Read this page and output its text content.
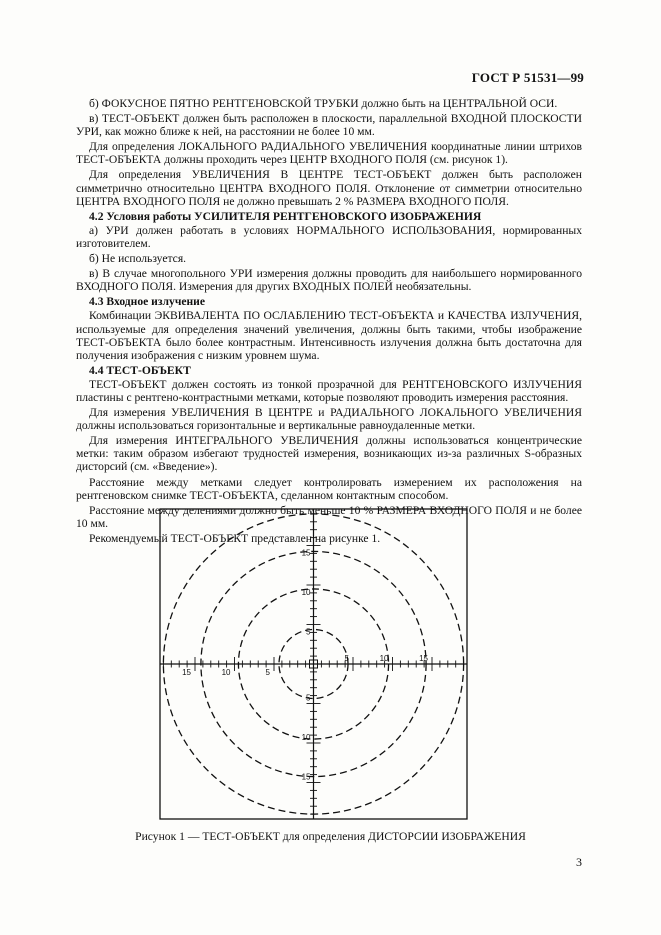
ГОСТ Р 51531—99
б) ФОКУСНОЕ ПЯТНО РЕНТГЕНОВСКОЙ ТРУБКИ должно быть на ЦЕНТРАЛЬНОЙ ОСИ.
в) ТЕСТ-ОБЪЕКТ должен быть расположен в плоскости, параллельной ВХОДНОЙ ПЛОСКОСТИ УРИ, как можно ближе к ней, на расстоянии не более 10 мм.
Для определения ЛОКАЛЬНОГО РАДИАЛЬНОГО УВЕЛИЧЕНИЯ координатные линии штрихов ТЕСТ-ОБЪЕКТА должны проходить через ЦЕНТР ВХОДНОГО ПОЛЯ (см. рисунок 1).
Для определения УВЕЛИЧЕНИЯ В ЦЕНТРЕ ТЕСТ-ОБЪЕКТ должен быть расположен симметрично относительно ЦЕНТРА ВХОДНОГО ПОЛЯ. Отклонение от симметрии относительно ЦЕНТРА ВХОДНОГО ПОЛЯ не должно превышать 2 % РАЗМЕРА ВХОДНОГО ПОЛЯ.
4.2 Условия работы УСИЛИТЕЛЯ РЕНТГЕНОВСКОГО ИЗОБРАЖЕНИЯ
а) УРИ должен работать в условиях НОРМАЛЬНОГО ИСПОЛЬЗОВАНИЯ, нормированных изготовителем.
б) Не используется.
в) В случае многопольного УРИ измерения должны проводить для наибольшего нормированного ВХОДНОГО ПОЛЯ. Измерения для других ВХОДНЫХ ПОЛЕЙ необязательны.
4.3 Входное излучение
Комбинации ЭКВИВАЛЕНТА ПО ОСЛАБЛЕНИЮ ТЕСТ-ОБЪЕКТА и КАЧЕСТВА ИЗЛУЧЕНИЯ, используемые для определения значений увеличения, должны быть такими, чтобы изображение ТЕСТ-ОБЪЕКТА было более контрастным. Интенсивность излучения должна быть достаточна для получения изображения с низким уровнем шума.
4.4 ТЕСТ-ОБЪЕКТ
ТЕСТ-ОБЪЕКТ должен состоять из тонкой прозрачной для РЕНТГЕНОВСКОГО ИЗЛУЧЕНИЯ пластины с рентгено-контрастными метками, которые позволяют проводить измерения расстояния.
Для измерения УВЕЛИЧЕНИЯ В ЦЕНТРЕ и РАДИАЛЬНОГО ЛОКАЛЬНОГО УВЕЛИЧЕНИЯ должны использоваться горизонтальные и вертикальные равноудаленные метки.
Для измерения ИНТЕГРАЛЬНОГО УВЕЛИЧЕНИЯ должны использоваться концентрические метки: таким образом избегают трудностей измерения, возникающих из-за различных S-образных дисторсий (см. «Введение»).
Расстояние между метками следует контролировать измерением их расположения на рентгеновском снимке ТЕСТ-ОБЪЕКТА, сделанном контактным способом.
Расстояние между делениями должно быть меньше 10 % РАЗМЕРА ВХОДНОГО ПОЛЯ и не более 10 мм.
Рекомендуемый ТЕСТ-ОБЪЕКТ представлен на рисунке 1.
15
15
10
10
5
5
5
5
10
10
15
15
Рисунок 1 — ТЕСТ-ОБЪЕКТ для определения ДИСТОРСИИ ИЗОБРАЖЕНИЯ
3
